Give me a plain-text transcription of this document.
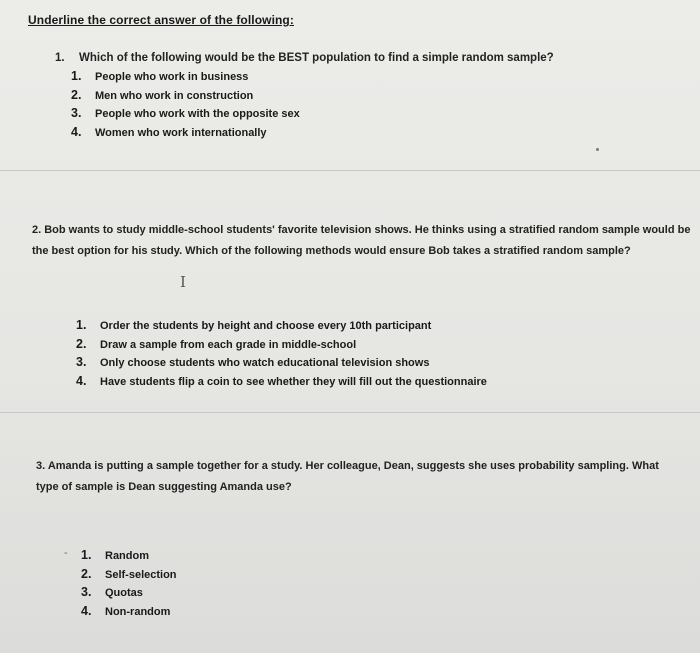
Underline the correct answer of the following:
1. Which of the following would be the BEST population to find a simple random sample?
1. People who work in business
2. Men who work in construction
3. People who work with the opposite sex
4. Women who work internationally
2. Bob wants to study middle-school students' favorite television shows. He thinks using a stratified random sample would be the best option for his study. Which of the following methods would ensure Bob takes a stratified random sample?
I
1. Order the students by height and choose every 10th participant
2. Draw a sample from each grade in middle-school
3. Only choose students who watch educational television shows
4. Have students flip a coin to see whether they will fill out the questionnaire
3. Amanda is putting a sample together for a study. Her colleague, Dean, suggests she uses probability sampling. What type of sample is Dean suggesting Amanda use?
- 1. Random
2. Self-selection
3. Quotas
4. Non-random
